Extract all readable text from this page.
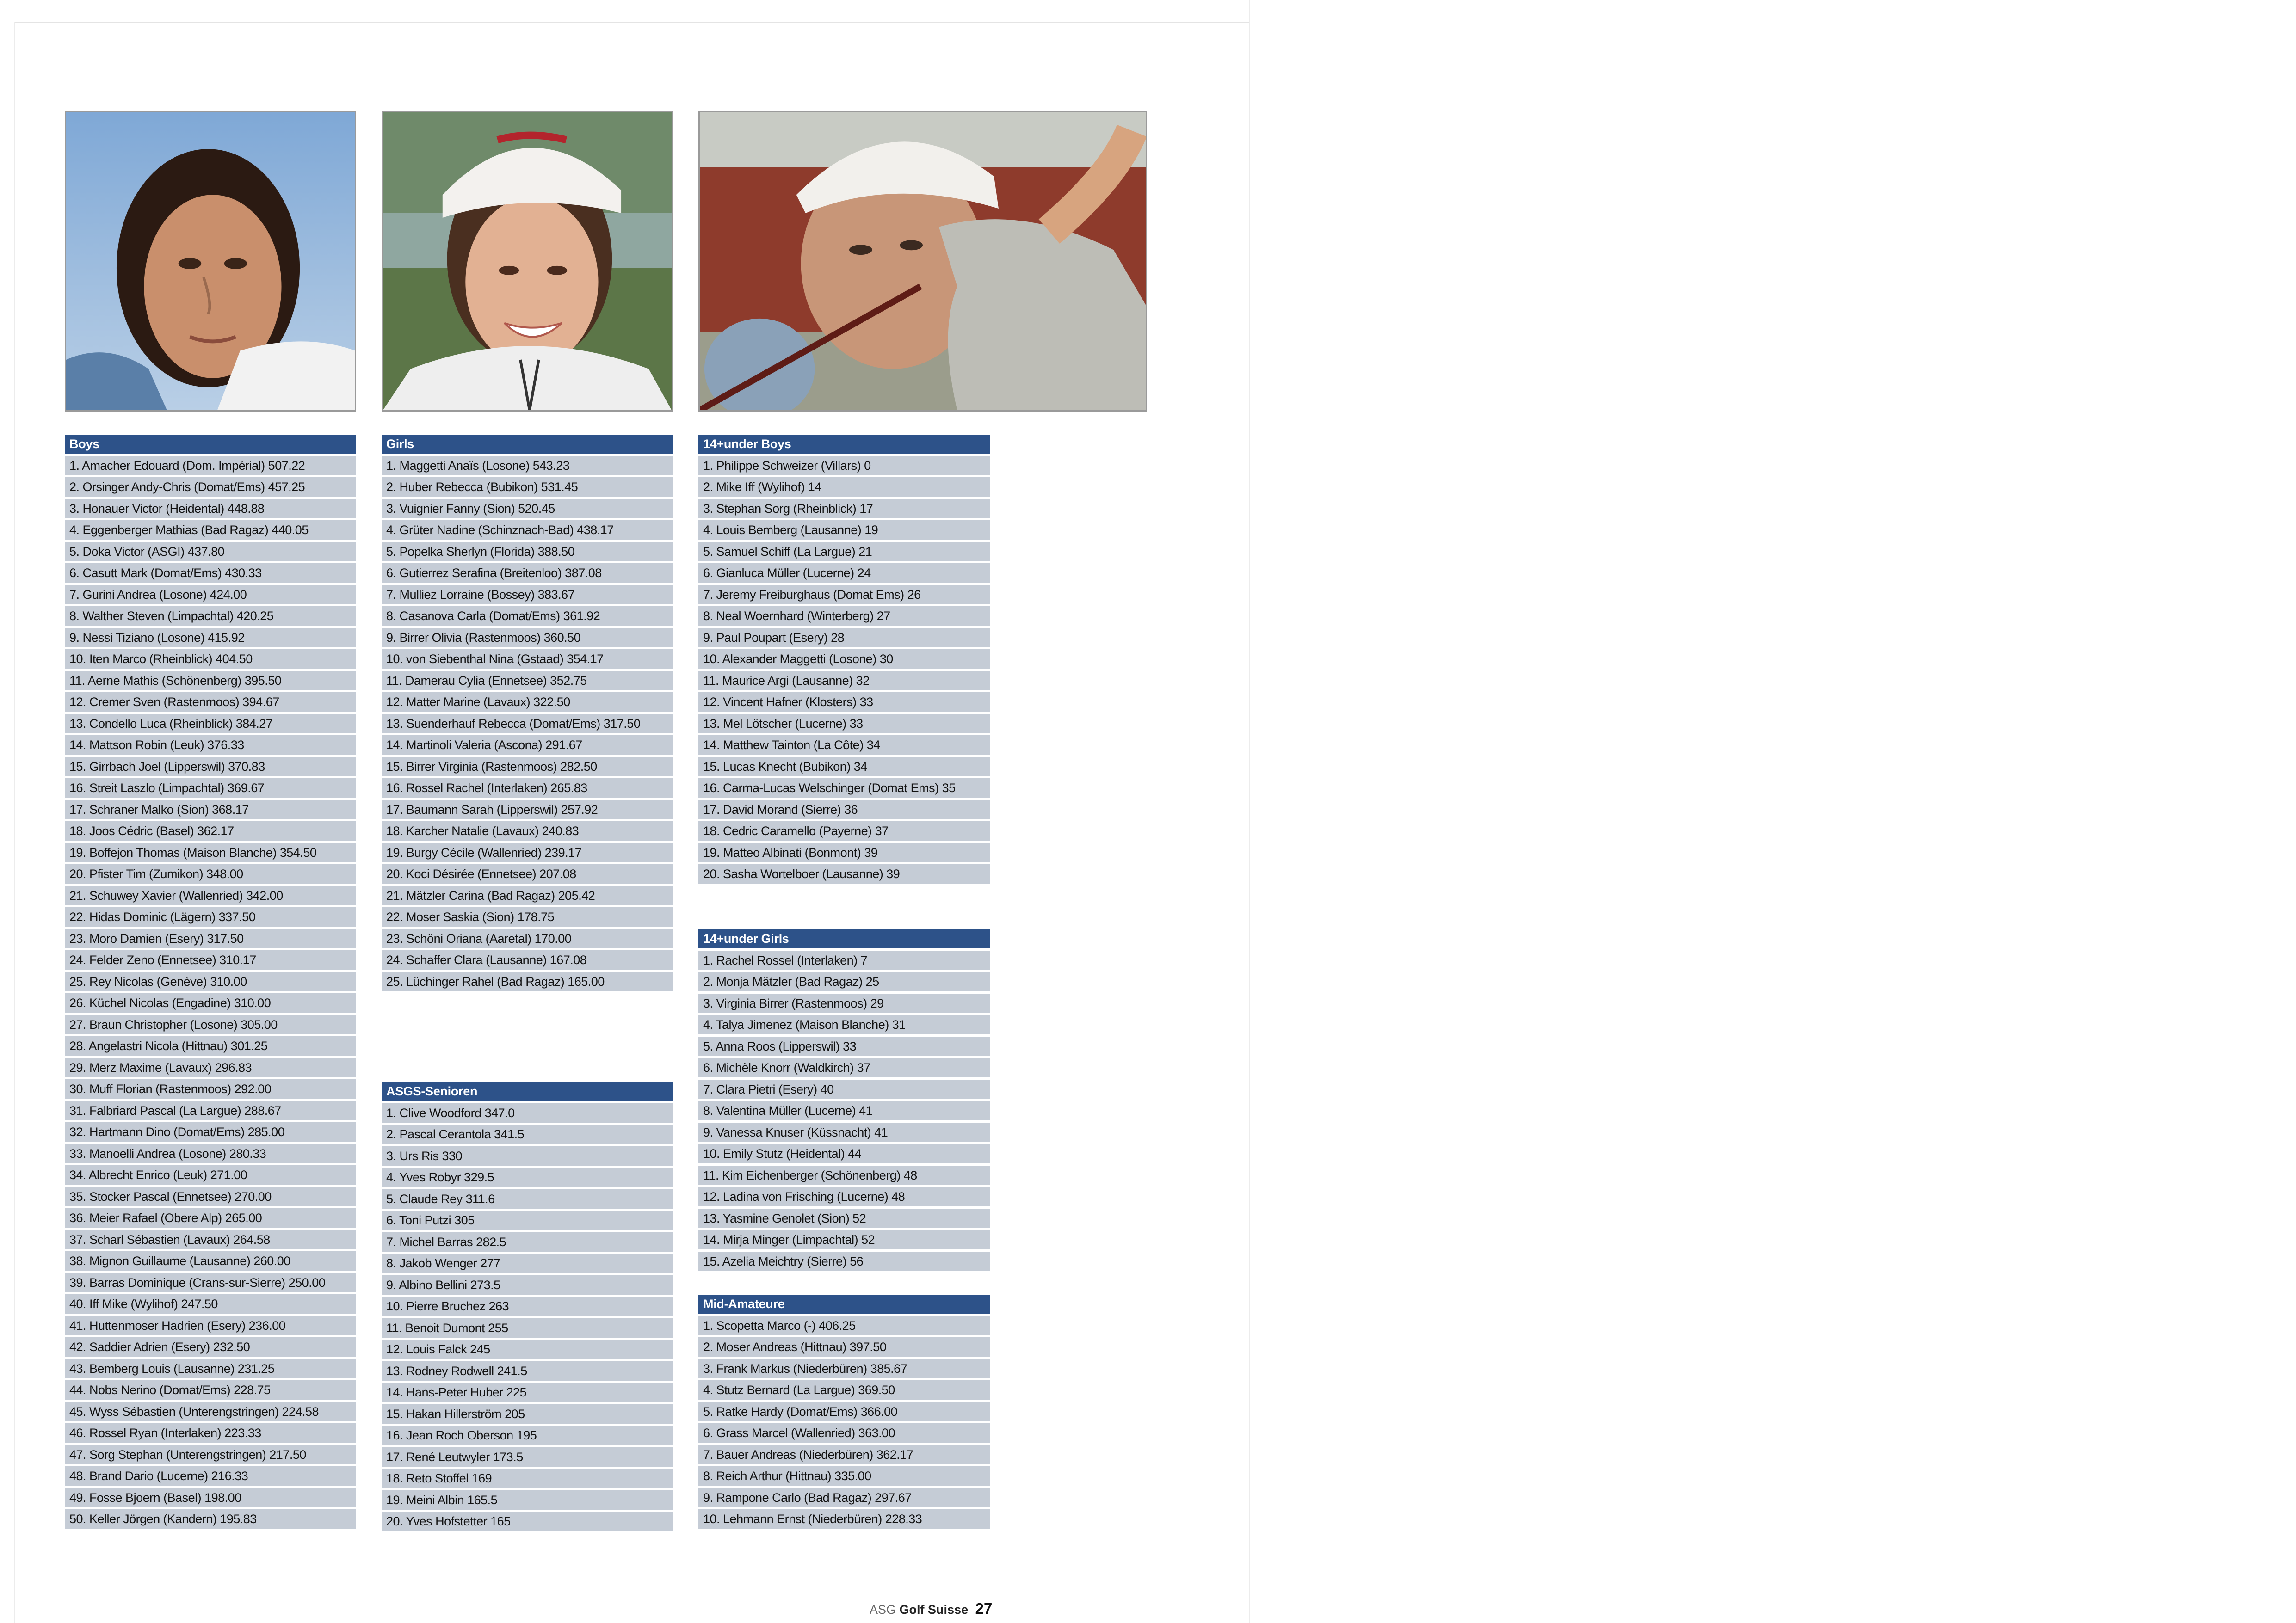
Boys
1. Amacher Edouard (Dom. Impérial) 507.22
2. Orsinger Andy-Chris (Domat/Ems) 457.25
3. Honauer Victor (Heidental) 448.88
4. Eggenberger Mathias (Bad Ragaz) 440.05
5. Doka Victor (ASGI) 437.80
6. Casutt Mark (Domat/Ems) 430.33
7. Gurini Andrea (Losone) 424.00
8. Walther Steven (Limpachtal) 420.25
9. Nessi Tiziano (Losone) 415.92
10. Iten Marco (Rheinblick) 404.50
11. Aerne Mathis (Schönenberg) 395.50
12. Cremer Sven (Rastenmoos) 394.67
13. Condello Luca (Rheinblick) 384.27
14. Mattson Robin (Leuk) 376.33
15. Girrbach Joel (Lipperswil) 370.83
16. Streit Laszlo (Limpachtal) 369.67
17. Schraner Malko (Sion) 368.17
18. Joos Cédric (Basel) 362.17
19. Boffejon Thomas (Maison Blanche) 354.50
20. Pfister Tim (Zumikon) 348.00
21. Schuwey Xavier (Wallenried) 342.00
22. Hidas Dominic (Lägern) 337.50
23. Moro Damien (Esery) 317.50
24. Felder Zeno (Ennetsee) 310.17
25. Rey Nicolas (Genève) 310.00
26. Küchel Nicolas (Engadine) 310.00
27. Braun Christopher (Losone) 305.00
28. Angelastri Nicola (Hittnau) 301.25
29. Merz Maxime (Lavaux) 296.83
30. Muff Florian (Rastenmoos) 292.00
31. Falbriard Pascal (La Largue) 288.67
32. Hartmann Dino (Domat/Ems) 285.00
33. Manoelli Andrea (Losone) 280.33
34. Albrecht Enrico (Leuk) 271.00
35. Stocker Pascal (Ennetsee) 270.00
36. Meier Rafael (Obere Alp) 265.00
37. Scharl Sébastien (Lavaux) 264.58
38. Mignon Guillaume (Lausanne) 260.00
39. Barras Dominique (Crans-sur-Sierre) 250.00
40. Iff Mike (Wylihof) 247.50
41. Huttenmoser Hadrien (Esery) 236.00
42. Saddier Adrien (Esery) 232.50
43. Bemberg Louis (Lausanne) 231.25
44. Nobs Nerino (Domat/Ems) 228.75
45. Wyss Sébastien (Unterengstringen) 224.58
46. Rossel Ryan (Interlaken) 223.33
47. Sorg Stephan (Unterengstringen) 217.50
48. Brand Dario (Lucerne) 216.33
49. Fosse Bjoern (Basel) 198.00
50. Keller Jörgen (Kandern) 195.83
Girls
1. Maggetti Anaïs (Losone) 543.23
2. Huber Rebecca (Bubikon) 531.45
3. Vuignier Fanny (Sion) 520.45
4. Grüter Nadine (Schinznach-Bad) 438.17
5. Popelka Sherlyn (Florida) 388.50
6. Gutierrez Serafina (Breitenloo) 387.08
7. Mulliez Lorraine (Bossey) 383.67
8. Casanova Carla (Domat/Ems) 361.92
9. Birrer Olivia (Rastenmoos) 360.50
10. von Siebenthal Nina (Gstaad) 354.17
11. Damerau Cylia (Ennetsee) 352.75
12. Matter Marine (Lavaux) 322.50
13. Suenderhauf Rebecca (Domat/Ems) 317.50
14. Martinoli Valeria (Ascona) 291.67
15. Birrer Virginia (Rastenmoos) 282.50
16. Rossel Rachel (Interlaken) 265.83
17. Baumann Sarah (Lipperswil) 257.92
18. Karcher Natalie (Lavaux) 240.83
19. Burgy Cécile (Wallenried) 239.17
20. Koci Désirée (Ennetsee) 207.08
21. Mätzler Carina (Bad Ragaz) 205.42
22. Moser Saskia (Sion) 178.75
23. Schöni Oriana (Aaretal) 170.00
24. Schaffer Clara (Lausanne) 167.08
25. Lüchinger Rahel (Bad Ragaz) 165.00
ASGS-Senioren
1. Clive Woodford 347.0
2. Pascal Cerantola 341.5
3. Urs Ris 330
4. Yves Robyr 329.5
5. Claude Rey 311.6
6. Toni Putzi 305
7. Michel Barras 282.5
8. Jakob Wenger 277
9. Albino Bellini 273.5
10. Pierre Bruchez 263
11. Benoit Dumont 255
12. Louis Falck 245
13. Rodney Rodwell 241.5
14. Hans-Peter Huber 225
15. Hakan Hillerström 205
16. Jean Roch Oberson 195
17. René Leutwyler 173.5
18. Reto Stoffel 169
19. Meini Albin 165.5
20. Yves Hofstetter 165
14+under Boys
1. Philippe Schweizer (Villars) 0
2. Mike Iff (Wylihof) 14
3. Stephan Sorg (Rheinblick) 17
4. Louis Bemberg (Lausanne) 19
5. Samuel Schiff (La Largue) 21
6. Gianluca Müller (Lucerne) 24
7. Jeremy Freiburghaus (Domat Ems) 26
8. Neal Woernhard (Winterberg) 27
9. Paul Poupart (Esery) 28
10. Alexander Maggetti (Losone) 30
11. Maurice Argi (Lausanne) 32
12. Vincent Hafner (Klosters) 33
13. Mel Lötscher (Lucerne) 33
14. Matthew Tainton (La Côte) 34
15. Lucas Knecht (Bubikon) 34
16. Carma-Lucas Welschinger (Domat Ems) 35
17. David Morand (Sierre) 36
18. Cedric Caramello (Payerne) 37
19. Matteo Albinati (Bonmont) 39
20. Sasha Wortelboer (Lausanne) 39
14+under Girls
1. Rachel Rossel (Interlaken) 7
2. Monja Mätzler (Bad Ragaz) 25
3. Virginia Birrer (Rastenmoos) 29
4. Talya Jimenez (Maison Blanche) 31
5. Anna Roos (Lipperswil) 33
6. Michèle Knorr (Waldkirch) 37
7. Clara Pietri (Esery) 40
8. Valentina Müller (Lucerne) 41
9. Vanessa Knuser (Küssnacht) 41
10. Emily Stutz (Heidental) 44
11. Kim Eichenberger (Schönenberg) 48
12. Ladina von Frisching (Lucerne) 48
13. Yasmine Genolet (Sion) 52
14. Mirja Minger (Limpachtal) 52
15. Azelia Meichtry (Sierre) 56
Mid-Amateure
1. Scopetta Marco (-) 406.25
2. Moser Andreas (Hittnau) 397.50
3. Frank Markus (Niederbüren) 385.67
4. Stutz Bernard (La Largue) 369.50
5. Ratke Hardy (Domat/Ems) 366.00
6. Grass Marcel (Wallenried) 363.00
7. Bauer Andreas (Niederbüren) 362.17
8. Reich Arthur (Hittnau) 335.00
9. Rampone Carlo (Bad Ragaz) 297.67
10. Lehmann Ernst (Niederbüren) 228.33
ASG Golf Suisse 27
